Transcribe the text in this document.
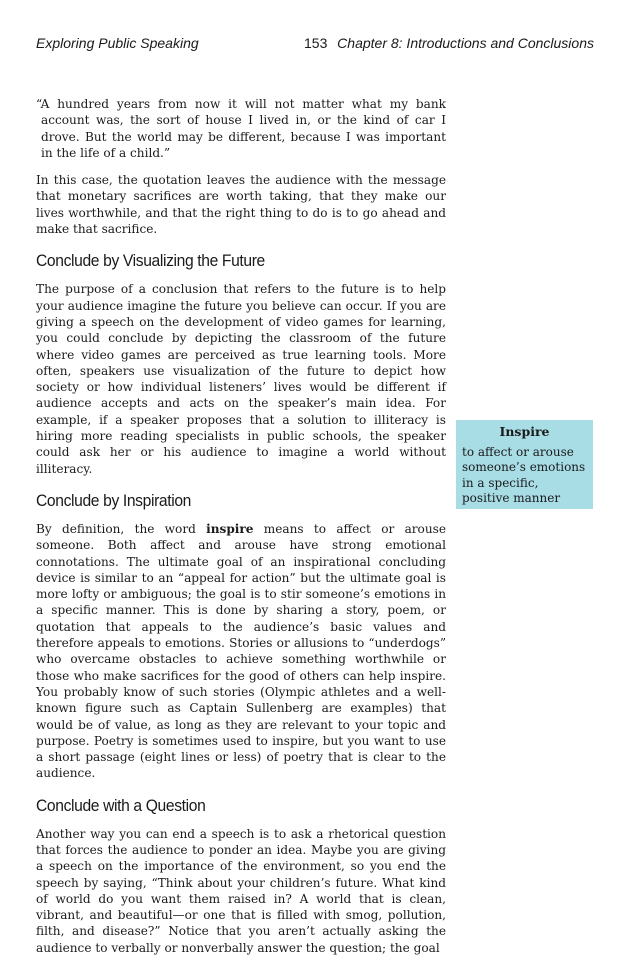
Exploring Public Speaking	153 Chapter 8: Introductions and Conclusions

“A hundred years from now it will not matter what my bank account was, the sort of house I lived in, or the kind of car I drove. But the world may be different, because I was important in the life of a child.”

In this case, the quotation leaves the audience with the message that monetary sacrifices are worth taking, that they make our lives worthwhile, and that the right thing to do is to go ahead and make that sacrifice.

Conclude by Visualizing the Future

The purpose of a conclusion that refers to the future is to help your audience imagine the future you believe can occur. If you are giving a speech on the development of video games for learning, you could conclude by depicting the classroom of the future where video games are perceived as true learning tools. More often, speakers use visualization of the future to depict how society or how individual listeners’ lives would be different if audience accepts and acts on the speaker’s main idea. For example, if a speaker proposes that a solution to illiteracy is hiring more reading specialists in public schools, the speaker could ask her or his audience to imagine a world without illiteracy.

Conclude by Inspiration

By definition, the word inspire means to affect or arouse someone. Both affect and arouse have strong emotional connotations. The ultimate goal of an inspirational concluding device is similar to an “appeal for action” but the ultimate goal is more lofty or ambiguous; the goal is to stir someone’s emotions in a specific manner. This is done by sharing a story, poem, or quotation that appeals to the audience’s basic values and therefore appeals to emotions. Stories or allusions to “underdogs” who overcame obstacles to achieve something worthwhile or those who make sacrifices for the good of others can help inspire. You probably know of such stories (Olympic athletes and a well-known figure such as Captain Sullenberg are examples) that would be of value, as long as they are relevant to your topic and purpose. Poetry is sometimes used to inspire, but you want to use a short passage (eight lines or less) of poetry that is clear to the audience.

Conclude with a Question

Another way you can end a speech is to ask a rhetorical question that forces the audience to ponder an idea. Maybe you are giving a speech on the importance of the environment, so you end the speech by saying, “Think about your children’s future. What kind of world do you want them raised in? A world that is clean, vibrant, and beautiful—or one that is filled with smog, pollution, filth, and disease?” Notice that you aren’t actually asking the audience to verbally or nonverbally answer the question; the goal

Inspire

to affect or arouse someone’s emotions in a specific, positive manner
